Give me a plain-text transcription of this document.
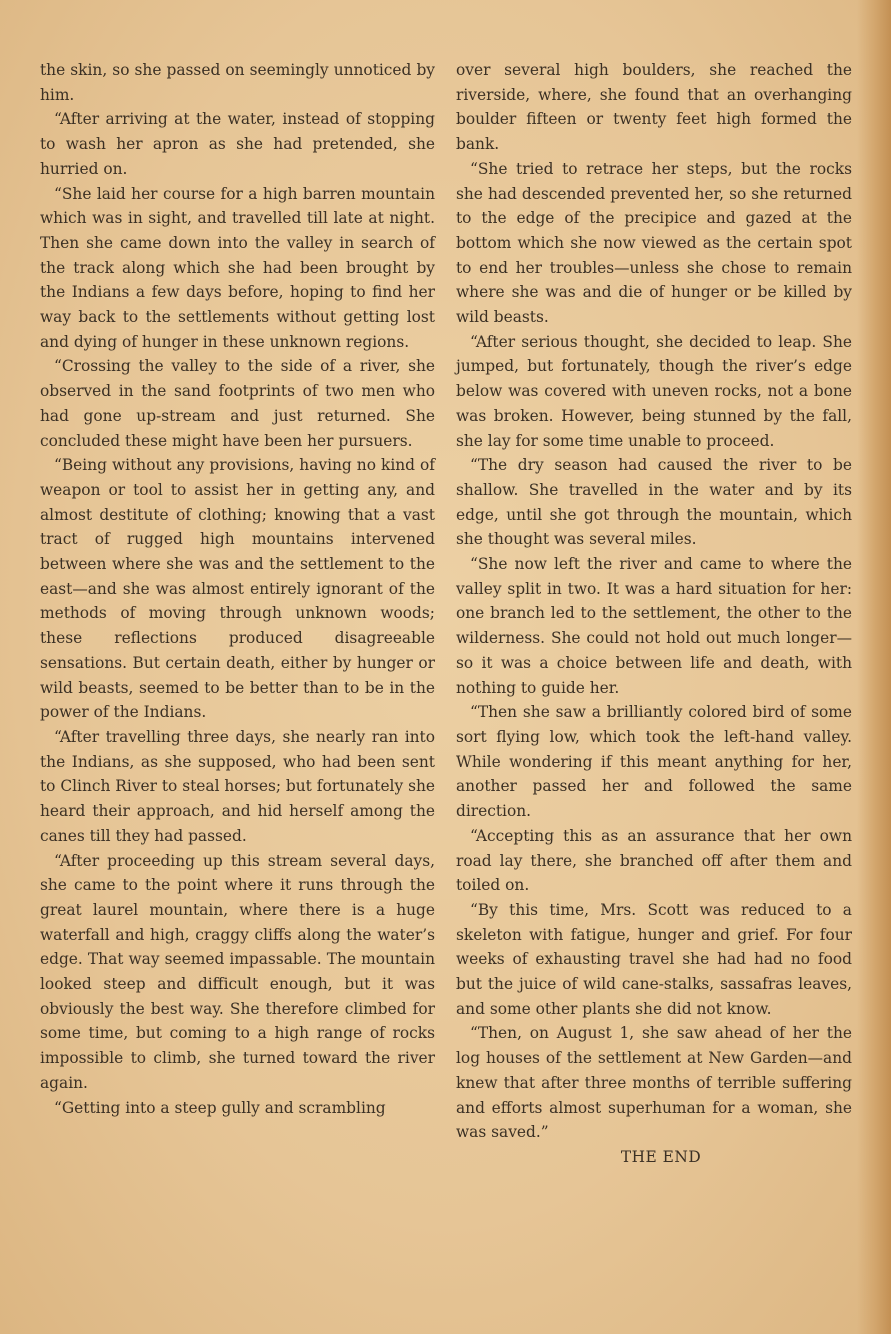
the skin, so she passed on seemingly unnoticed by him.

“After arriving at the water, instead of stopping to wash her apron as she had pretended, she hurried on.

“She laid her course for a high barren mountain which was in sight, and travelled till late at night. Then she came down into the valley in search of the track along which she had been brought by the Indians a few days before, hoping to find her way back to the settlements without getting lost and dying of hunger in these unknown regions.

“Crossing the valley to the side of a river, she observed in the sand footprints of two men who had gone up-stream and just returned. She concluded these might have been her pursuers.

“Being without any provisions, having no kind of weapon or tool to assist her in getting any, and almost destitute of clothing; knowing that a vast tract of rugged high mountains intervened between where she was and the settlement to the east—and she was almost entirely ignorant of the methods of moving through unknown woods; these reflections produced disagreeable sensations. But certain death, either by hunger or wild beasts, seemed to be better than to be in the power of the Indians.

“After travelling three days, she nearly ran into the Indians, as she supposed, who had been sent to Clinch River to steal horses; but fortunately she heard their approach, and hid herself among the canes till they had passed.

“After proceeding up this stream several days, she came to the point where it runs through the great laurel mountain, where there is a huge waterfall and high, craggy cliffs along the water’s edge. That way seemed impassable. The mountain looked steep and difficult enough, but it was obviously the best way. She therefore climbed for some time, but coming to a high range of rocks impossible to climb, she turned toward the river again.

“Getting into a steep gully and scrambling

over several high boulders, she reached the riverside, where, she found that an overhanging boulder fifteen or twenty feet high formed the bank.

“She tried to retrace her steps, but the rocks she had descended prevented her, so she returned to the edge of the precipice and gazed at the bottom which she now viewed as the certain spot to end her troubles—unless she chose to remain where she was and die of hunger or be killed by wild beasts.

“After serious thought, she decided to leap. She jumped, but fortunately, though the river’s edge below was covered with uneven rocks, not a bone was broken. However, being stunned by the fall, she lay for some time unable to proceed.

“The dry season had caused the river to be shallow. She travelled in the water and by its edge, until she got through the mountain, which she thought was several miles.

“She now left the river and came to where the valley split in two. It was a hard situation for her: one branch led to the settlement, the other to the wilderness. She could not hold out much longer—so it was a choice between life and death, with nothing to guide her.

“Then she saw a brilliantly colored bird of some sort flying low, which took the left-hand valley. While wondering if this meant anything for her, another passed her and followed the same direction.

“Accepting this as an assurance that her own road lay there, she branched off after them and toiled on.

“By this time, Mrs. Scott was reduced to a skeleton with fatigue, hunger and grief. For four weeks of exhausting travel she had had no food but the juice of wild cane-stalks, sassafras leaves, and some other plants she did not know.

“Then, on August 1, she saw ahead of her the log houses of the settlement at New Garden—and knew that after three months of terrible suffering and efforts almost superhuman for a woman, she was saved.”

THE END
